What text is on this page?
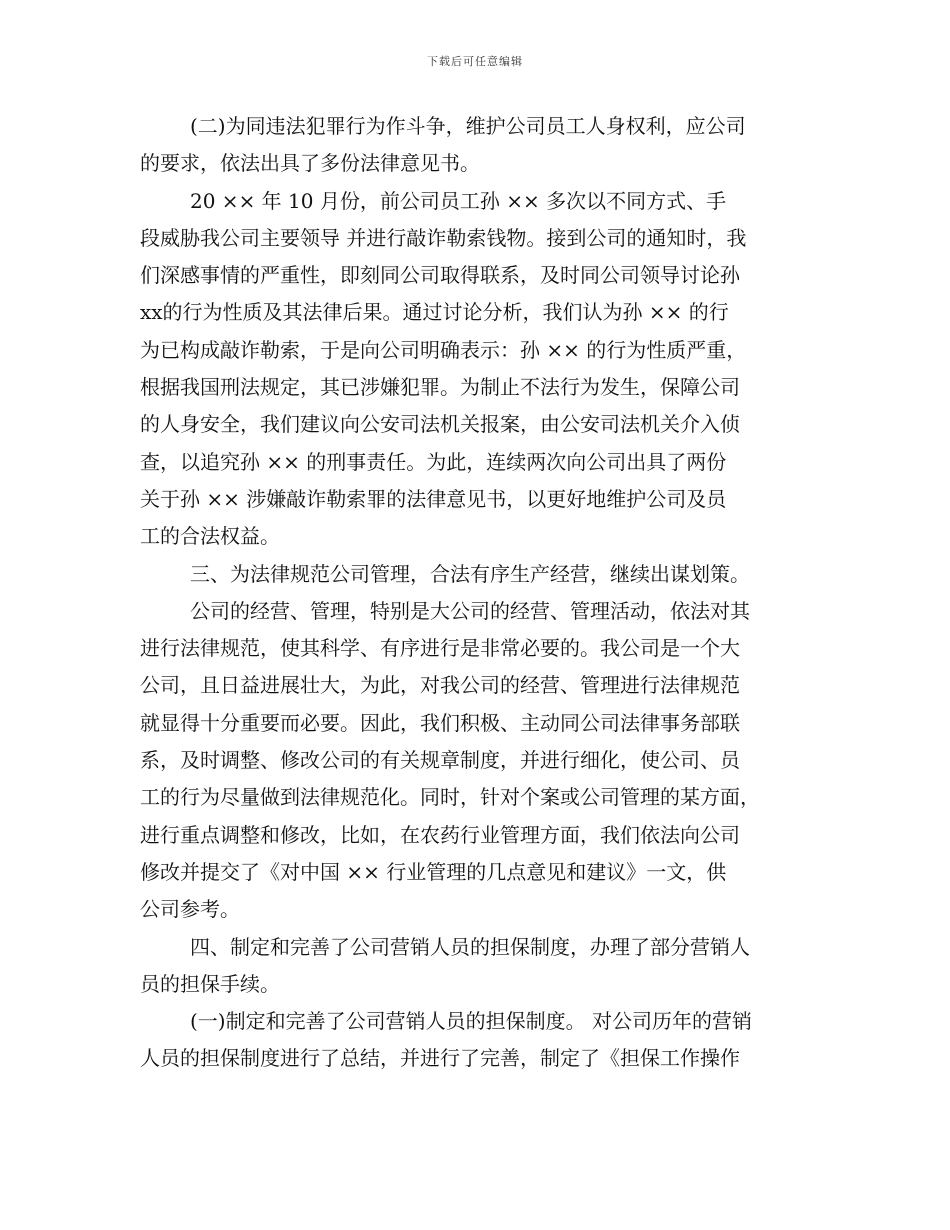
下载后可任意编辑

(二)为同违法犯罪行为作斗争，维护公司员工人身权利，应公司
的要求，依法出具了多份法律意见书。

20 ×× 年 10 月份，前公司员工孙 ×× 多次以不同方式、手
段威胁我公司主要领导 并进行敲诈勒索钱物。接到公司的通知时，我
们深感事情的严重性，即刻同公司取得联系，及时同公司领导讨论孙
xx的行为性质及其法律后果。通过讨论分析，我们认为孙 ×× 的行
为已构成敲诈勒索，于是向公司明确表示：孙 ×× 的行为性质严重，
根据我国刑法规定，其已涉嫌犯罪。为制止不法行为发生，保障公司
的人身安全，我们建议向公安司法机关报案，由公安司法机关介入侦
查，以追究孙 ×× 的刑事责任。为此，连续两次向公司出具了两份
关于孙 ×× 涉嫌敲诈勒索罪的法律意见书，以更好地维护公司及员
工的合法权益。

三、为法律规范公司管理，合法有序生产经营，继续出谋划策。

公司的经营、管理，特别是大公司的经营、管理活动，依法对其
进行法律规范，使其科学、有序进行是非常必要的。我公司是一个大
公司，且日益进展壮大，为此，对我公司的经营、管理进行法律规范
就显得十分重要而必要。因此，我们积极、主动同公司法律事务部联
系，及时调整、修改公司的有关规章制度，并进行细化，使公司、员
工的行为尽量做到法律规范化。同时，针对个案或公司管理的某方面，
进行重点调整和修改，比如，在农药行业管理方面，我们依法向公司
修改并提交了《对中国 ×× 行业管理的几点意见和建议》一文，供
公司参考。

四、制定和完善了公司营销人员的担保制度，办理了部分营销人
员的担保手续。

(一)制定和完善了公司营销人员的担保制度。 对公司历年的营销
人员的担保制度进行了总结，并进行了完善，制定了《担保工作操作
